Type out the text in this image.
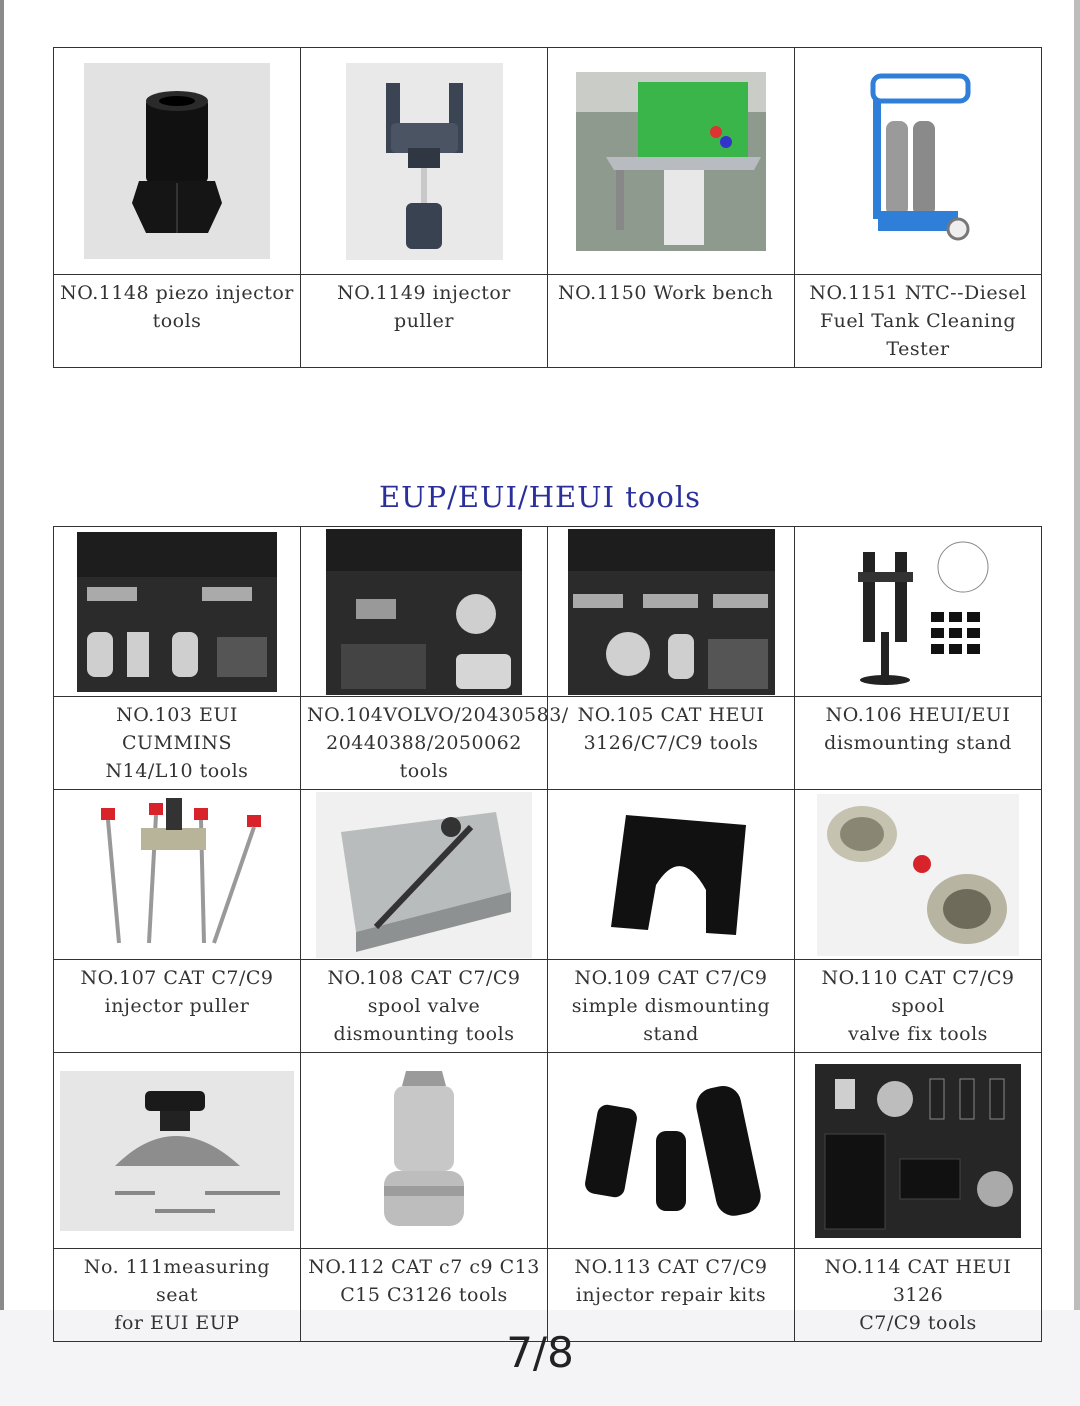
NO.1148 piezo injector
tools	NO.1149 injector
puller	NO.1150 Work bench	NO.1151 NTC--Diesel
Fuel Tank Cleaning
Tester
EUP/EUI/HEUI tools

NO.103 EUI CUMMINS
N14/L10 tools	NO.104VOLVO/20430583/
20440388/2050062
tools	NO.105 CAT HEUI
3126/C7/C9 tools	NO.106 HEUI/EUI
dismounting stand

NO.107 CAT C7/C9
injector puller	NO.108 CAT C7/C9
spool valve
dismounting tools	NO.109 CAT C7/C9
simple dismounting
stand	NO.110 CAT C7/C9 spool
valve fix tools

No. 111measuring seat
for EUI EUP	NO.112 CAT c7 c9 C13
C15 C3126 tools	NO.113 CAT C7/C9
injector repair kits	NO.114 CAT HEUI 3126
C7/C9 tools
7/8
